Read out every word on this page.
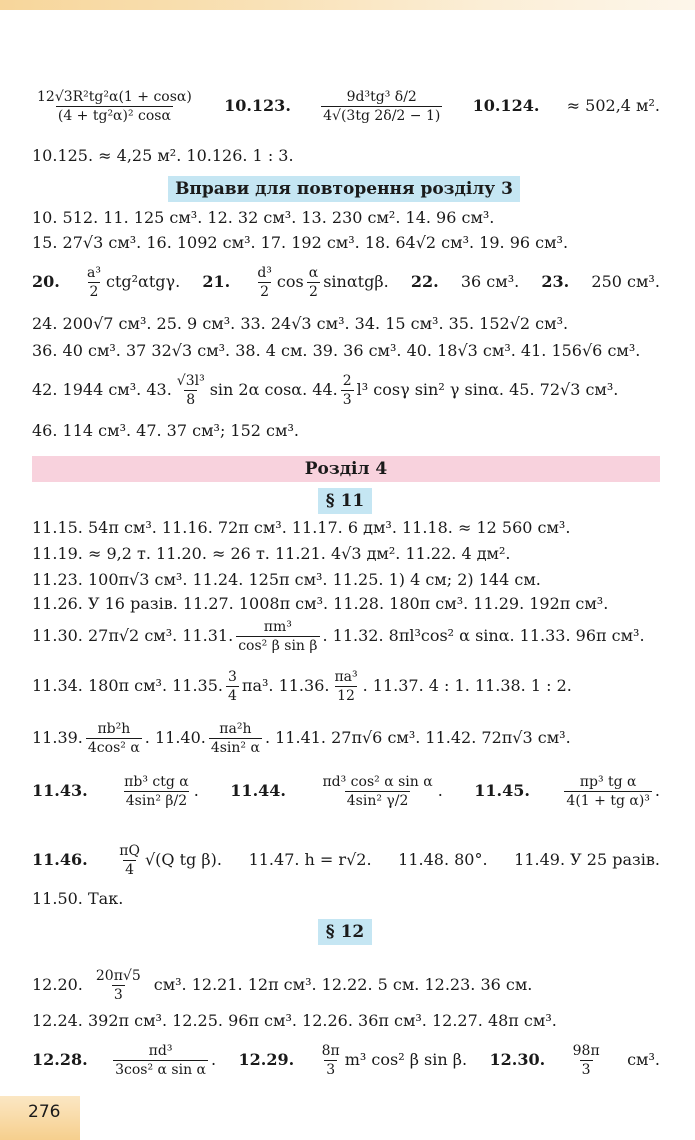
$\frac{\text{12√3R²tg²α(1 + cosα)}}{\text{(4 + tg²α)² cosα}} 10.123$. $\frac{\text{9d³tg³ δ/2}}{4√(3tg 2\delta/2 - 1)} 10.124$. ≈ 502,4 м².
10.125. ≈ 4,25 м². 10.126. 1 : 3.
Вправи для повторення розділу 3
10. 512. 11. 125 см³. 12. 32 см³. 13. 230 см². 14. 96 см³.
15. 27√3 см³. 16. 1092 см³. 17. 192 см³. 18. 64√2 см³. 19. 96 см³.
20. $\frac{\text{a³}}{2} ctg^2\alpha tg\gamma$. 21. $\frac{\text{d³}}{2}$ $\cos \frac{\alpha}{2} \sin\alpha tg\beta$. 22. 36 см³. 23. 250 см³.
24. 200√7 см³. 25. 9 см³. 33. 24√3 см³. 34. 15 см³. 35. 152√2 см³.
36. 40 см³. 37 32√3 см³. 38. 4 см. 39. 36 см³. 40. 18√3 см³. 41. 156√6 см³.
42. 1944 см³. 43. $\frac{\text{√3l³}}{8}$ sin 2α cosα. 44. $\frac{2}{3} l^3$ cosγ sin² γ sinα. 45. 72√3 см³.
46. 114 см³. 47. 37 см³; 152 см³.
Розділ 4
§ 11
11.15. 54π см³. 11.16. 72π см³. 11.17. 6 дм³. 11.18. ≈ 12 560 см³.
11.19. ≈ 9,2 т. 11.20. ≈ 26 т. 11.21. 4√3 дм². 11.22. 4 дм².
11.23. 100π√3 см³. 11.24. 125π см³. 11.25. 1) 4 см; 2) 144 см.
11.26. У 16 разів. 11.27. 1008π см³. 11.28. 180π см³. 11.29. 192π см³.
11.30. 27π√2 см³. 11.31. $\frac{\text{πm³}}{\text{cos² β sin β}}$ . 11.32. 8πl³cos² α sinα. 11.33. 96π см³.
11.34. 180π см³. 11.35. $\frac{3}{4} \pi a^3$. 11.36. $\frac{\text{πa³}}{12}$ . 11.37. 4 : 1. 11.38. 1 : 2.
11.39. $\frac{\text{πb²h}}{\text{4cos² α}}$ . 11.40. $\frac{\text{πa²h}}{\text{4sin² α}}$ . 11.41. 27π√6 см³. 11.42. 72π√3 см³.
11.43. $\frac{\text{πb³ ctg α}}{\text{4sin² β/2}}$ . 11.44. $\frac{\text{πd³ cos² α sin α}}{\text{4sin² γ/2}}$ . 11.45. $\frac{\text{πp³ tg α}}{\text{4(1 + tg α)³}}$ .
11.46. $\frac{\pi Q}{4} √(Q$ tg β). 11.47. h = r√2. 11.48. 80°. 11.49. У 25 разів.
11.50. Так.
§ 12
12.20. $\frac{20\pi√5}{3} см^3$. 12.21. 12π см³. 12.22. 5 см. 12.23. 36 см.
12.24. 392π см³. 12.25. 96π см³. 12.26. 36π см³. 12.27. 48π см³.
12.28. $\frac{\text{πd³}}{\text{3cos² α sin α}}$ . 12.29. $\frac{8\pi}{3} m^3$ cos² β sin β. 12.30. $\frac{98\pi}{3} см^3$.
276
